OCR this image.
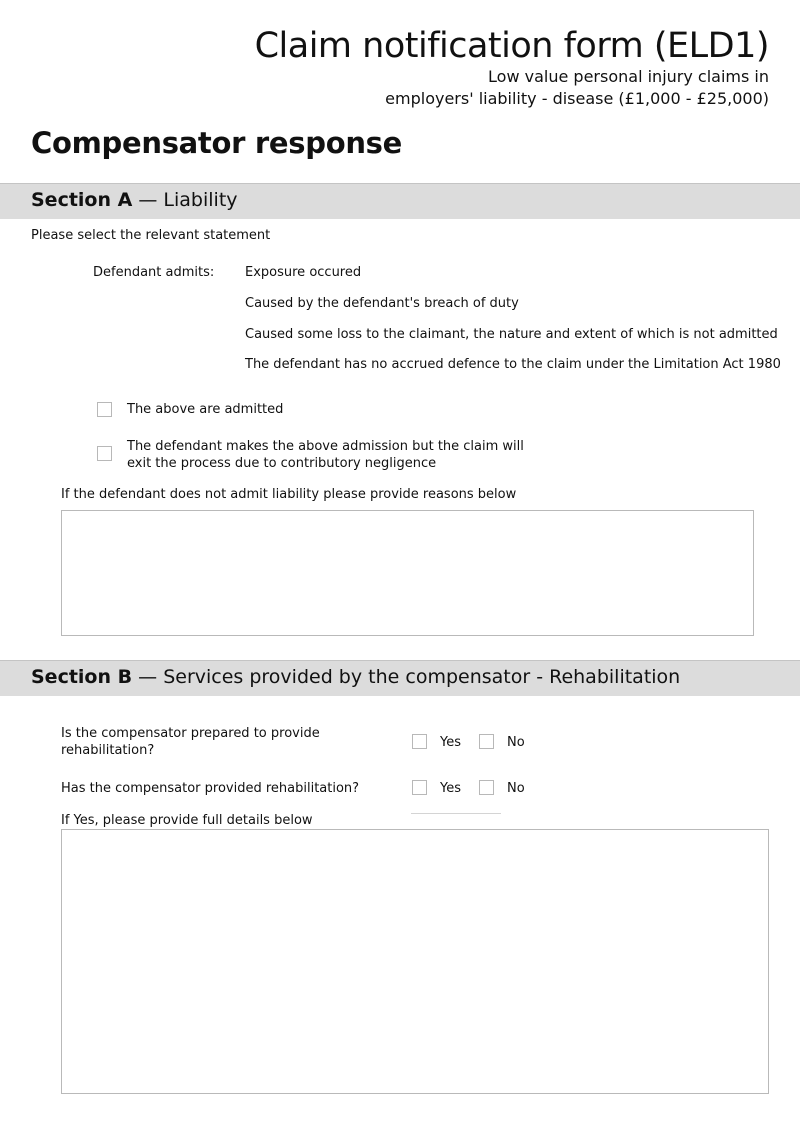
Claim notification form (ELD1)
Low value personal injury claims in
employers' liability - disease (£1,000 - £25,000)
Compensator response
Section A — Liability
Please select the relevant statement
Defendant admits: Exposure occured
Caused by the defendant's breach of duty
Caused some loss to the claimant, the nature and extent of which is not admitted
The defendant has no accrued defence to the claim under the Limitation Act 1980
The above are admitted
The defendant makes the above admission but the claim will
exit the process due to contributory negligence
If the defendant does not admit liability please provide reasons below
Section B — Services provided by the compensator - Rehabilitation
Is the compensator prepared to provide
rehabilitation?
Yes	No
Has the compensator provided rehabilitation?	Yes	No
If Yes, please provide full details below
